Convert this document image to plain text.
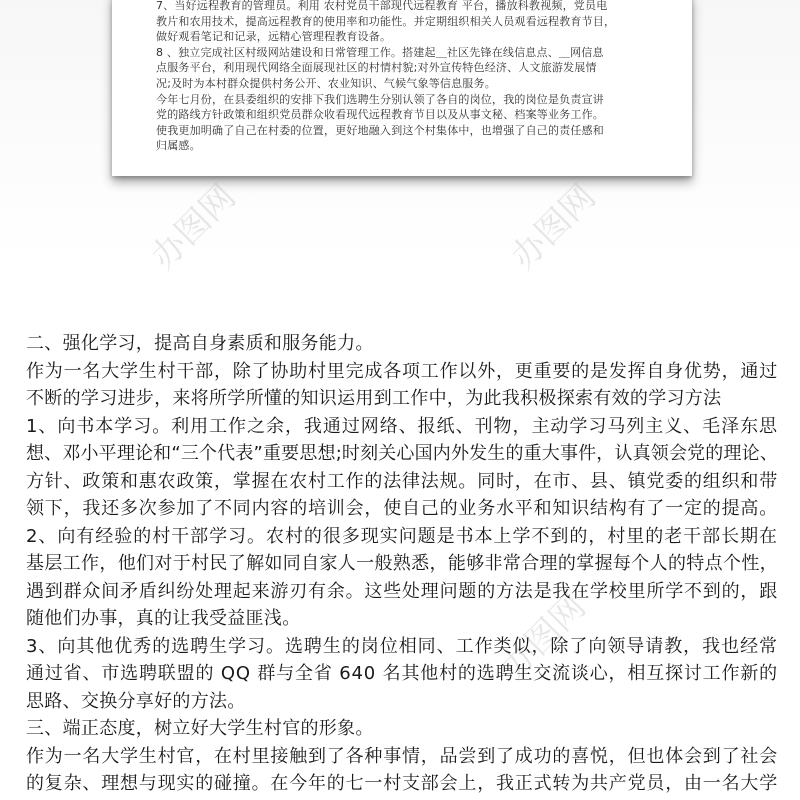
7、当好远程教育的管理员。利用 农村党员干部现代远程教育 平台，播放科教视频，党员电

教片和农用技术，提高远程教育的使用率和功能性。并定期组织相关人员观看远程教育节目，

做好观看笔记和记录，远精心管理程教育设备。

8 、独立完成社区村级网站建设和日常管理工作。搭建起＿社区先锋在线信息点、＿网信息

点服务平台，利用现代网络全面展现社区的村情村貌;对外宣传特色经济、人文旅游发展情

况;及时为本村群众提供村务公开、农业知识、气候气象等信息服务。

今年七月份，在县委组织的安排下我们选聘生分别认领了各自的岗位，我的岗位是负责宣讲

党的路线方针政策和组织党员群众收看现代远程教育节目以及从事文秘、档案等业务工作。

使我更加明确了自己在村委的位置，更好地融入到这个村集体中，也增强了自己的责任感和

归属感。

办图网	办图网
办图网

二、强化学习，提高自身素质和服务能力。

作为一名大学生村干部，除了协助村里完成各项工作以外，更重要的是发挥自身优势，通过

不断的学习进步，来将所学所懂的知识运用到工作中，为此我积极探索有效的学习方法

1、向书本学习。利用工作之余，我通过网络、报纸、刊物，主动学习马列主义、毛泽东思

想、邓小平理论和“三个代表”重要思想;时刻关心国内外发生的重大事件，认真领会党的理论、

方针、政策和惠农政策，掌握在农村工作的法律法规。同时，在市、县、镇党委的组织和带

领下，我还多次参加了不同内容的培训会，使自己的业务水平和知识结构有了一定的提高。

2、向有经验的村干部学习。农村的很多现实问题是书本上学不到的，村里的老干部长期在

基层工作，他们对于村民了解如同自家人一般熟悉，能够非常合理的掌握每个人的特点个性，

遇到群众间矛盾纠纷处理起来游刃有余。这些处理问题的方法是我在学校里所学不到的，跟

随他们办事，真的让我受益匪浅。

3、向其他优秀的选聘生学习。选聘生的岗位相同、工作类似，除了向领导请教，我也经常

通过省、市选聘联盟的 QQ 群与全省 640 名其他村的选聘生交流谈心，相互探讨工作新的

思路、交换分享好的方法。

三、端正态度，树立好大学生村官的形象。

作为一名大学生村官，在村里接触到了各种事情，品尝到了成功的喜悦，但也体会到了社会

的复杂、理想与现实的碰撞。在今年的七一村支部会上，我正式转为共产党员，由一名大学
